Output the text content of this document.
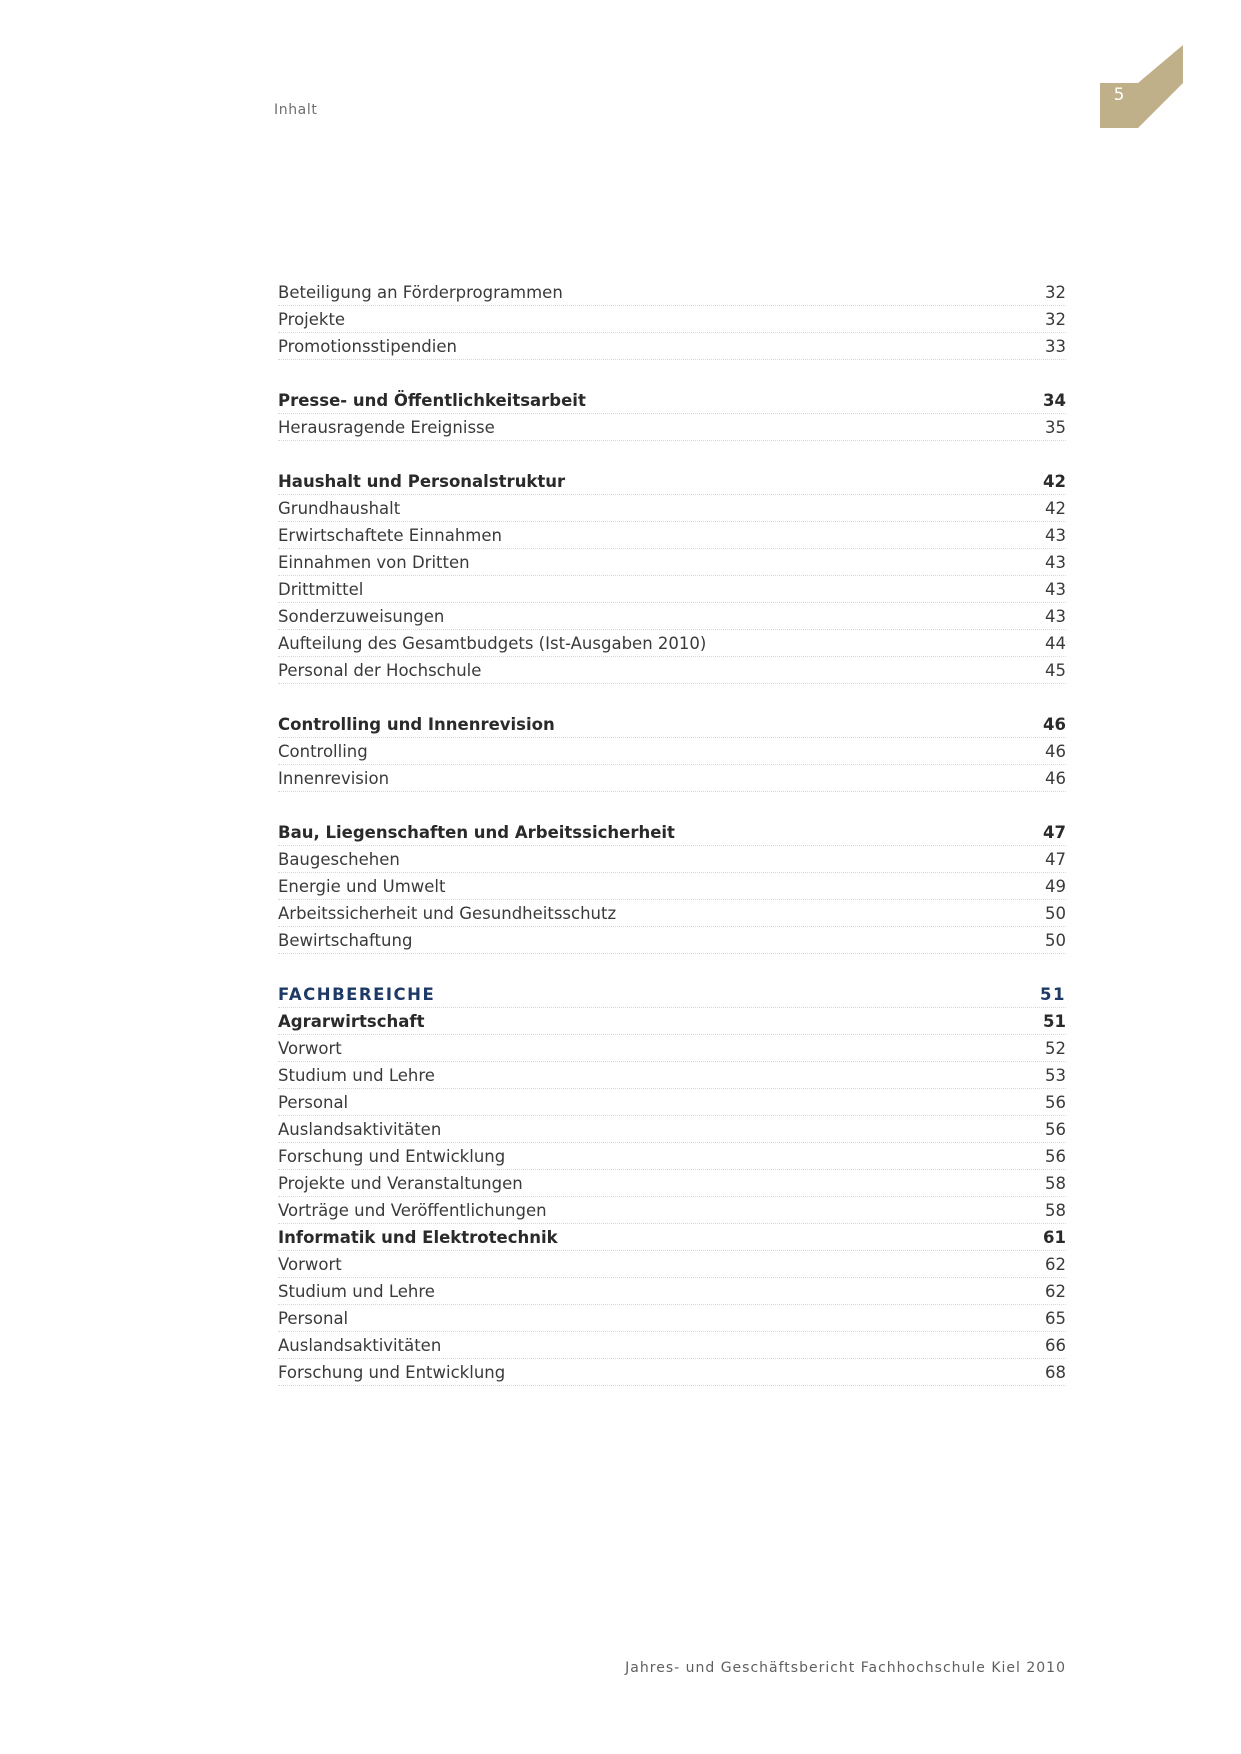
Inhalt
5
Beteiligung an Förderprogrammen	32
Projekte	32
Promotionsstipendien	33
Presse- und Öffentlichkeitsarbeit	34
Herausragende Ereignisse	35
Haushalt und Personalstruktur	42
Grundhaushalt	42
Erwirtschaftete Einnahmen	43
Einnahmen von Dritten	43
Drittmittel	43
Sonderzuweisungen	43
Aufteilung des Gesamtbudgets (Ist-Ausgaben 2010)	44
Personal der Hochschule	45
Controlling und Innenrevision	46
Controlling	46
Innenrevision	46
Bau, Liegenschaften und Arbeitssicherheit	47
Baugeschehen	47
Energie und Umwelt	49
Arbeitssicherheit und Gesundheitsschutz	50
Bewirtschaftung	50
FACHBEREICHE	51
Agrarwirtschaft	51
Vorwort	52
Studium und Lehre	53
Personal	56
Auslandsaktivitäten	56
Forschung und Entwicklung	56
Projekte und Veranstaltungen	58
Vorträge und Veröffentlichungen	58
Informatik und Elektrotechnik	61
Vorwort	62
Studium und Lehre	62
Personal	65
Auslandsaktivitäten	66
Forschung und Entwicklung	68
Jahres- und Geschäftsbericht Fachhochschule Kiel 2010
